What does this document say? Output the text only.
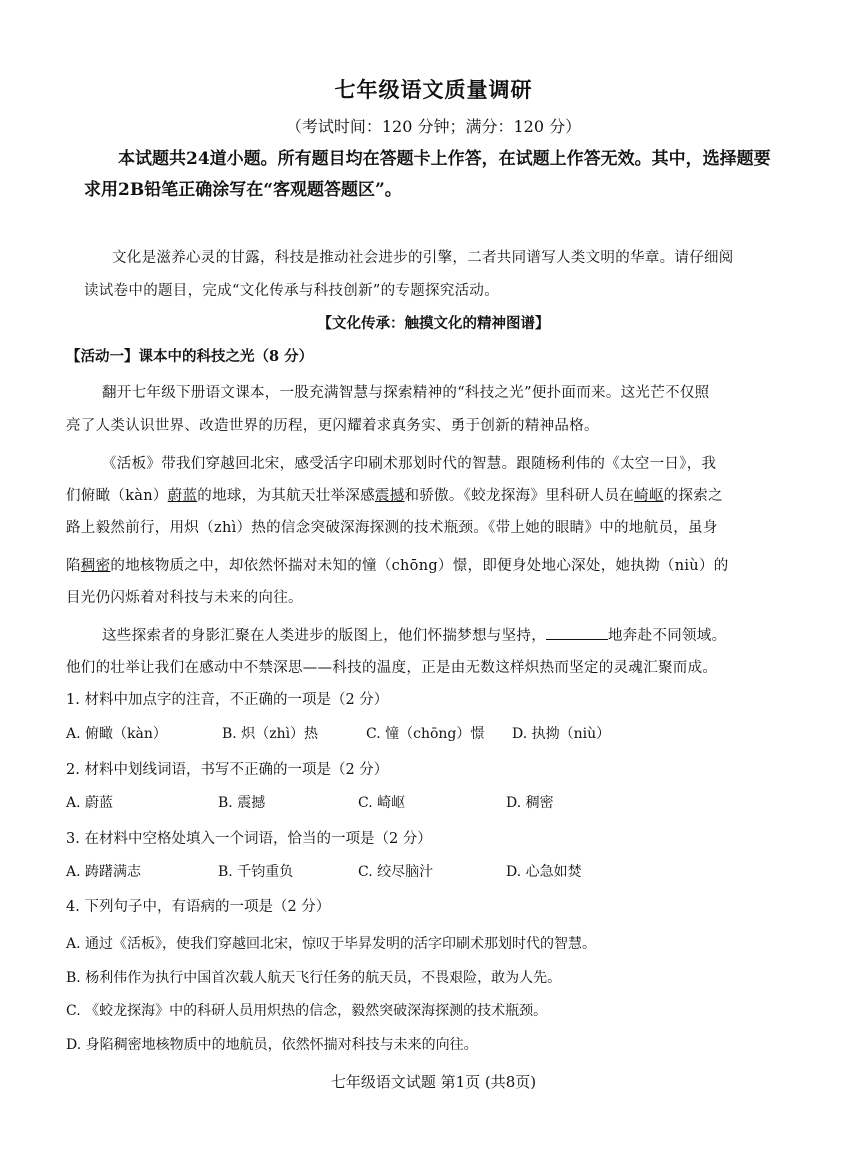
七年级语文质量调研
（考试时间：120 分钟；满分：120 分）
本试题共24道小题。所有题目均在答题卡上作答，在试题上作答无效。其中，选择题要求用2B铅笔正确涂写在“客观题答题区”。
文化是滋养心灵的甘露，科技是推动社会进步的引擎，二者共同谱写人类文明的华章。请仔细阅
读试卷中的题目，完成“文化传承与科技创新”的专题探究活动。
【文化传承：触摸文化的精神图谱】
【活动一】课本中的科技之光（8 分）
翻开七年级下册语文课本，一股充满智慧与探索精神的“科技之光”便扑面而来。这光芒不仅照
亮了人类认识世界、改造世界的历程，更闪耀着求真务实、勇于创新的精神品格。
《活板》带我们穿越回北宋，感受活字印刷术那划时代的智慧。跟随杨利伟的《太空一日》，我
们俯瞰（kàn）蔚蓝的地球，为其航天壮举深感震撼和骄傲。《蛟龙探海》里科研人员在崎岖的探索之
路上毅然前行，用炽（zhì）热的信念突破深海探测的技术瓶颈。《带上她的眼睛》中的地航员，虽身
陷稠密的地核物质之中，却依然怀揣对未知的憧（chōng）憬，即便身处地心深处，她执拗（niù）的
目光仍闪烁着对科技与未来的向往。
这些探索者的身影汇聚在人类进步的版图上，他们怀揣梦想与坚持，	地奔赴不同领域。
他们的壮举让我们在感动中不禁深思——科技的温度，正是由无数这样炽热而坚定的灵魂汇聚而成。
1. 材料中加点字的注音，不正确的一项是（2 分）
A. 俯瞰（kàn）	B. 炽（zhì）热	C. 憧（chōng）憬 D. 执拗（niù）
2. 材料中划线词语，书写不正确的一项是（2 分）
A. 蔚蓝	B. 震撼	C. 崎岖	D. 稠密
3. 在材料中空格处填入一个词语，恰当的一项是（2 分）
A. 踌躇满志	B. 千钧重负	C. 绞尽脑汁	D. 心急如焚
4. 下列句子中，有语病的一项是（2 分）
A. 通过《活板》，使我们穿越回北宋，惊叹于毕昇发明的活字印刷术那划时代的智慧。
B. 杨利伟作为执行中国首次载人航天飞行任务的航天员，不畏艰险，敢为人先。
C. 《蛟龙探海》中的科研人员用炽热的信念，毅然突破深海探测的技术瓶颈。
D. 身陷稠密地核物质中的地航员，依然怀揣对科技与未来的向往。
七年级语文试题 第1页 (共8页)
